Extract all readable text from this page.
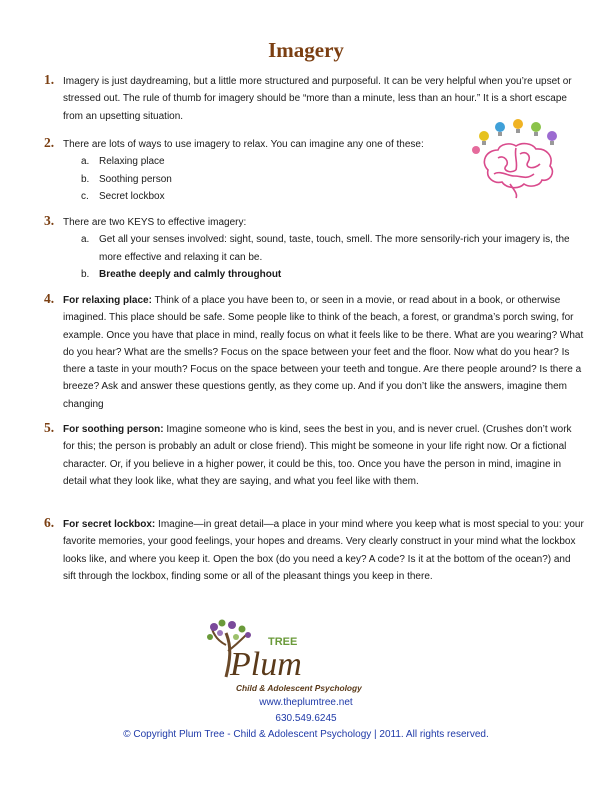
Imagery
1. Imagery is just daydreaming, but a little more structured and purposeful. It can be very helpful when you’re upset or stressed out. The rule of thumb for imagery should be “more than a minute, less than an hour.” It is a short escape from an upsetting situation.
2. There are lots of ways to use imagery to relax. You can imagine any one of these:
a. Relaxing place
b. Soothing person
c. Secret lockbox
3. There are two KEYS to effective imagery:
a. Get all your senses involved: sight, sound, taste, touch, smell. The more sensorily-rich your imagery is, the more effective and relaxing it can be.
b. Breathe deeply and calmly throughout
4. For relaxing place: Think of a place you have been to, or seen in a movie, or read about in a book, or otherwise imagined. This place should be safe. Some people like to think of the beach, a forest, or grandma’s porch swing, for example. Once you have that place in mind, really focus on what it feels like to be there. What are you wearing? What do you hear? What are the smells? Focus on the space between your feet and the floor. Now what do you hear? Is there a taste in your mouth? Focus on the space between your teeth and tongue. Are there people around? Is there a breeze? Ask and answer these questions gently, as they come up. And if you don’t like the answers, imagine them changing
5. For soothing person: Imagine someone who is kind, sees the best in you, and is never cruel. (Crushes don’t work for this; the person is probably an adult or close friend). This might be someone in your life right now. Or a fictional character. Or, if you believe in a higher power, it could be this, too. Once you have the person in mind, imagine in detail what they look like, what they are saying, and what you feel like with them.
6. For secret lockbox: Imagine—in great detail—a place in your mind where you keep what is most special to you: your favorite memories, your good feelings, your hopes and dreams. Very clearly construct in your mind what the lockbox looks like, and where you keep it. Open the box (do you need a key? A code? Is it at the bottom of the ocean?) and sift through the lockbox, finding some or all of the pleasant things you keep in there.
TREE
Plum
Child & Adolescent Psychology
www.theplumtree.net
630.549.6245
© Copyright Plum Tree - Child & Adolescent Psychology | 2011. All rights reserved.
